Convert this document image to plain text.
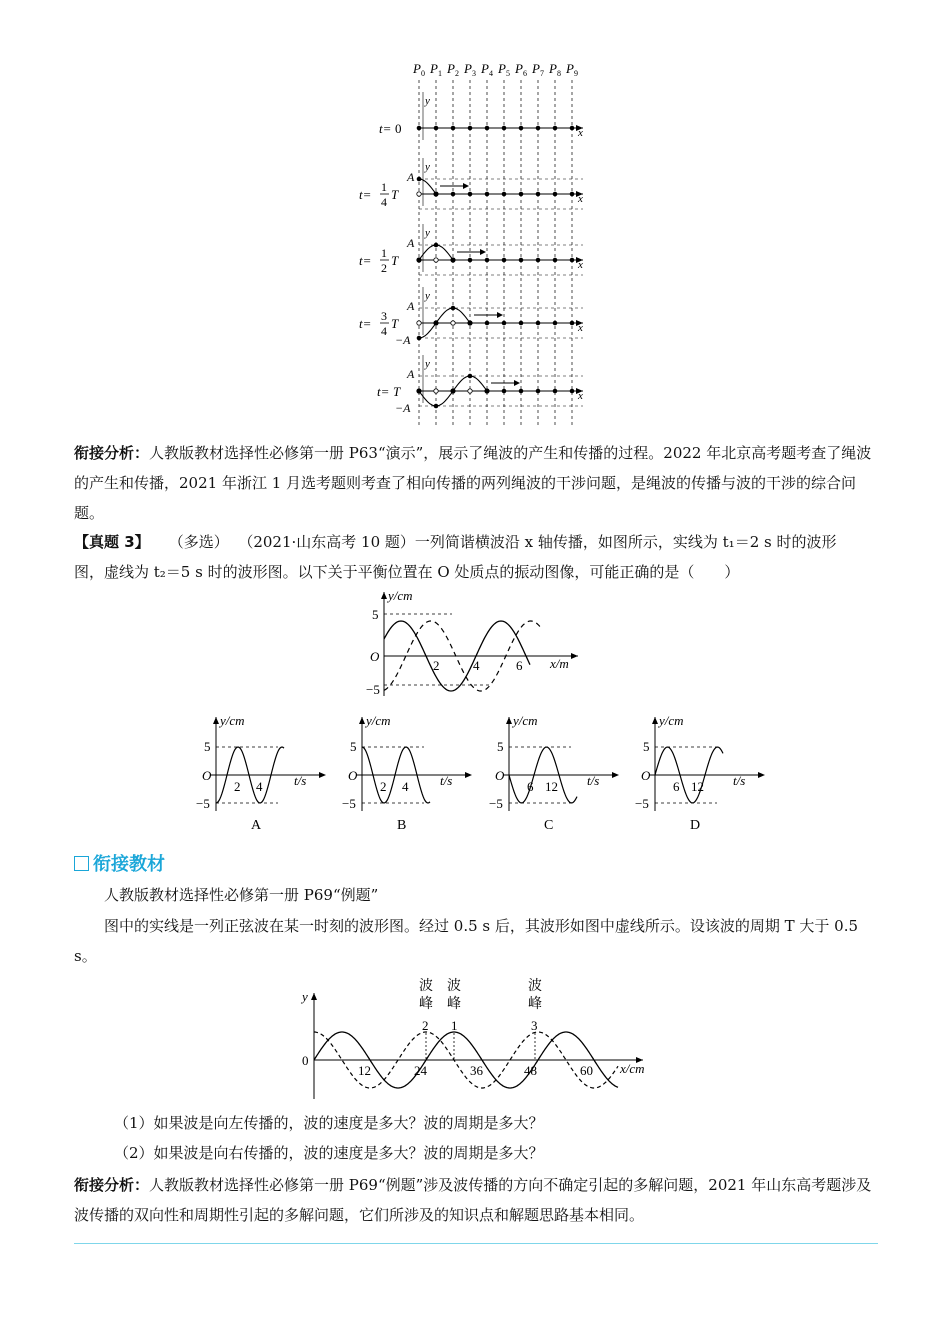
$P_0$ $P_1$ $P_2$ $P_3$ $P_4$ $P_5$ $P_6$ $P_7$ $P_8$ $P_9$
y
x
t= 0
y
x
t= 1
4 T
A
y
x
t= 1
2 T
A
y
x
t= 3
4 T
A
−A
y
x
t= T
A
−A
衔接分析：人教版教材选择性必修第一册 P63“演示”，展示了绳波的产生和传播的过程。2022 年北京高考题考查了绳波的产生和传播，2021 年浙江 1 月选考题则考查了相向传播的两列绳波的干涉问题，是绳波的传播与波的干涉的综合问题。
【真题 3】 （多选） （2021·山东高考 10 题）一列简谐横波沿 x 轴传播，如图所示，实线为 t₁＝2 s 时的波形
图，虚线为 t₂＝5 s 时的波形图。以下关于平衡位置在 O 处质点的振动图像，可能正确的是（　　）
y/cm
x/m
O
5
−5
2	4	6
y/cm
t/s
O
5
−5
2 4
A
y/cm
t/s
O
5
−5
2 4
B
y/cm
t/s
O
5
−5
6 12
C
y/cm
t/s
O
5
−5
6 12
D
衔接教材
人教版教材选择性必修第一册 P69“例题”
图中的实线是一列正弦波在某一时刻的波形图。经过 0.5 s 后，其波形如图中虚线所示。设该波的周期 T 大于 0.5 s。
y
0
x/cm
12	24	36	48	60
波
峰
2
波
峰
1
波
峰
3
（1）如果波是向左传播的，波的速度是多大？波的周期是多大？
（2）如果波是向右传播的，波的速度是多大？波的周期是多大？
衔接分析：人教版教材选择性必修第一册 P69“例题”涉及波传播的方向不确定引起的多解问题，2021 年山东高考题涉及波传播的双向性和周期性引起的多解问题，它们所涉及的知识点和解题思路基本相同。
